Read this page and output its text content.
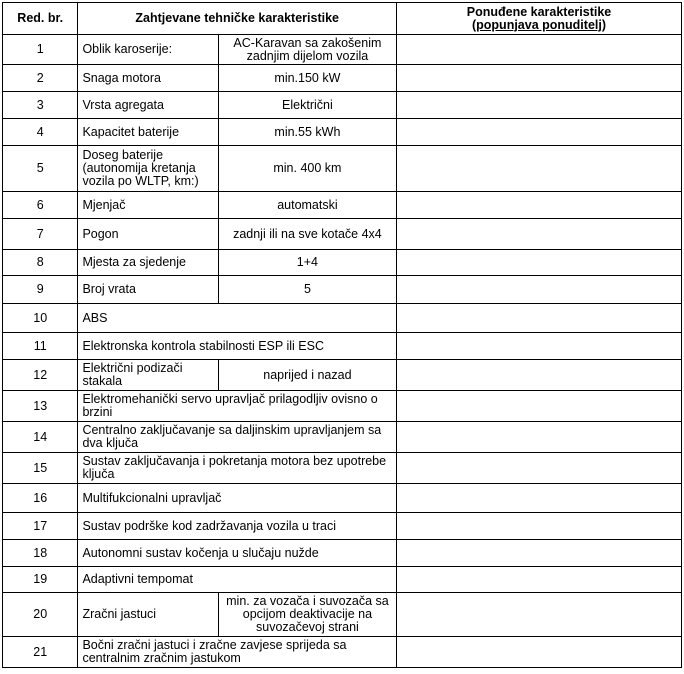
Red. br.	Zahtjevane tehničke karakteristike		Ponuđene karakteristike
(popunjava ponuditelj)

1	Oblik karoserije:	AC-Karavan sa zakošenim zadnjim dijelom vozila	
2	Snaga motora	min.150 kW	
3	Vrsta agregata	Električni	
4	Kapacitet baterije	min.55 kWh	
5	Doseg baterije (autonomija kretanja vozila po WLTP, km:)	min. 400 km	
6	Mjenjač	automatski	
7	Pogon	zadnji ili na sve kotače 4x4	
8	Mjesta za sjedenje	1+4	
9	Broj vrata	5	
10	ABS		
11	Elektronska kontrola stabilnosti ESP ili ESC		
12	Električni podizači stakala	naprijed i nazad	
13	Elektromehanički servo upravljač prilagodljiv ovisno o brzini		
14	Centralno zaključavanje sa daljinskim upravljanjem sa dva ključa		
15	Sustav zaključavanja i pokretanja motora bez upotrebe ključa		
16	Multifukcionalni upravljač		
17	Sustav podrške kod zadržavanja vozila u traci		
18	Autonomni sustav kočenja u slučaju nužde		
19	Adaptivni tempomat		
20	Zračni jastuci	min. za vozača i suvozača sa opcijom deaktivacije na suvozačevoj strani	
21	Bočni zračni jastuci i zračne zavjese sprijeda sa centralnim zračnim jastukom		
